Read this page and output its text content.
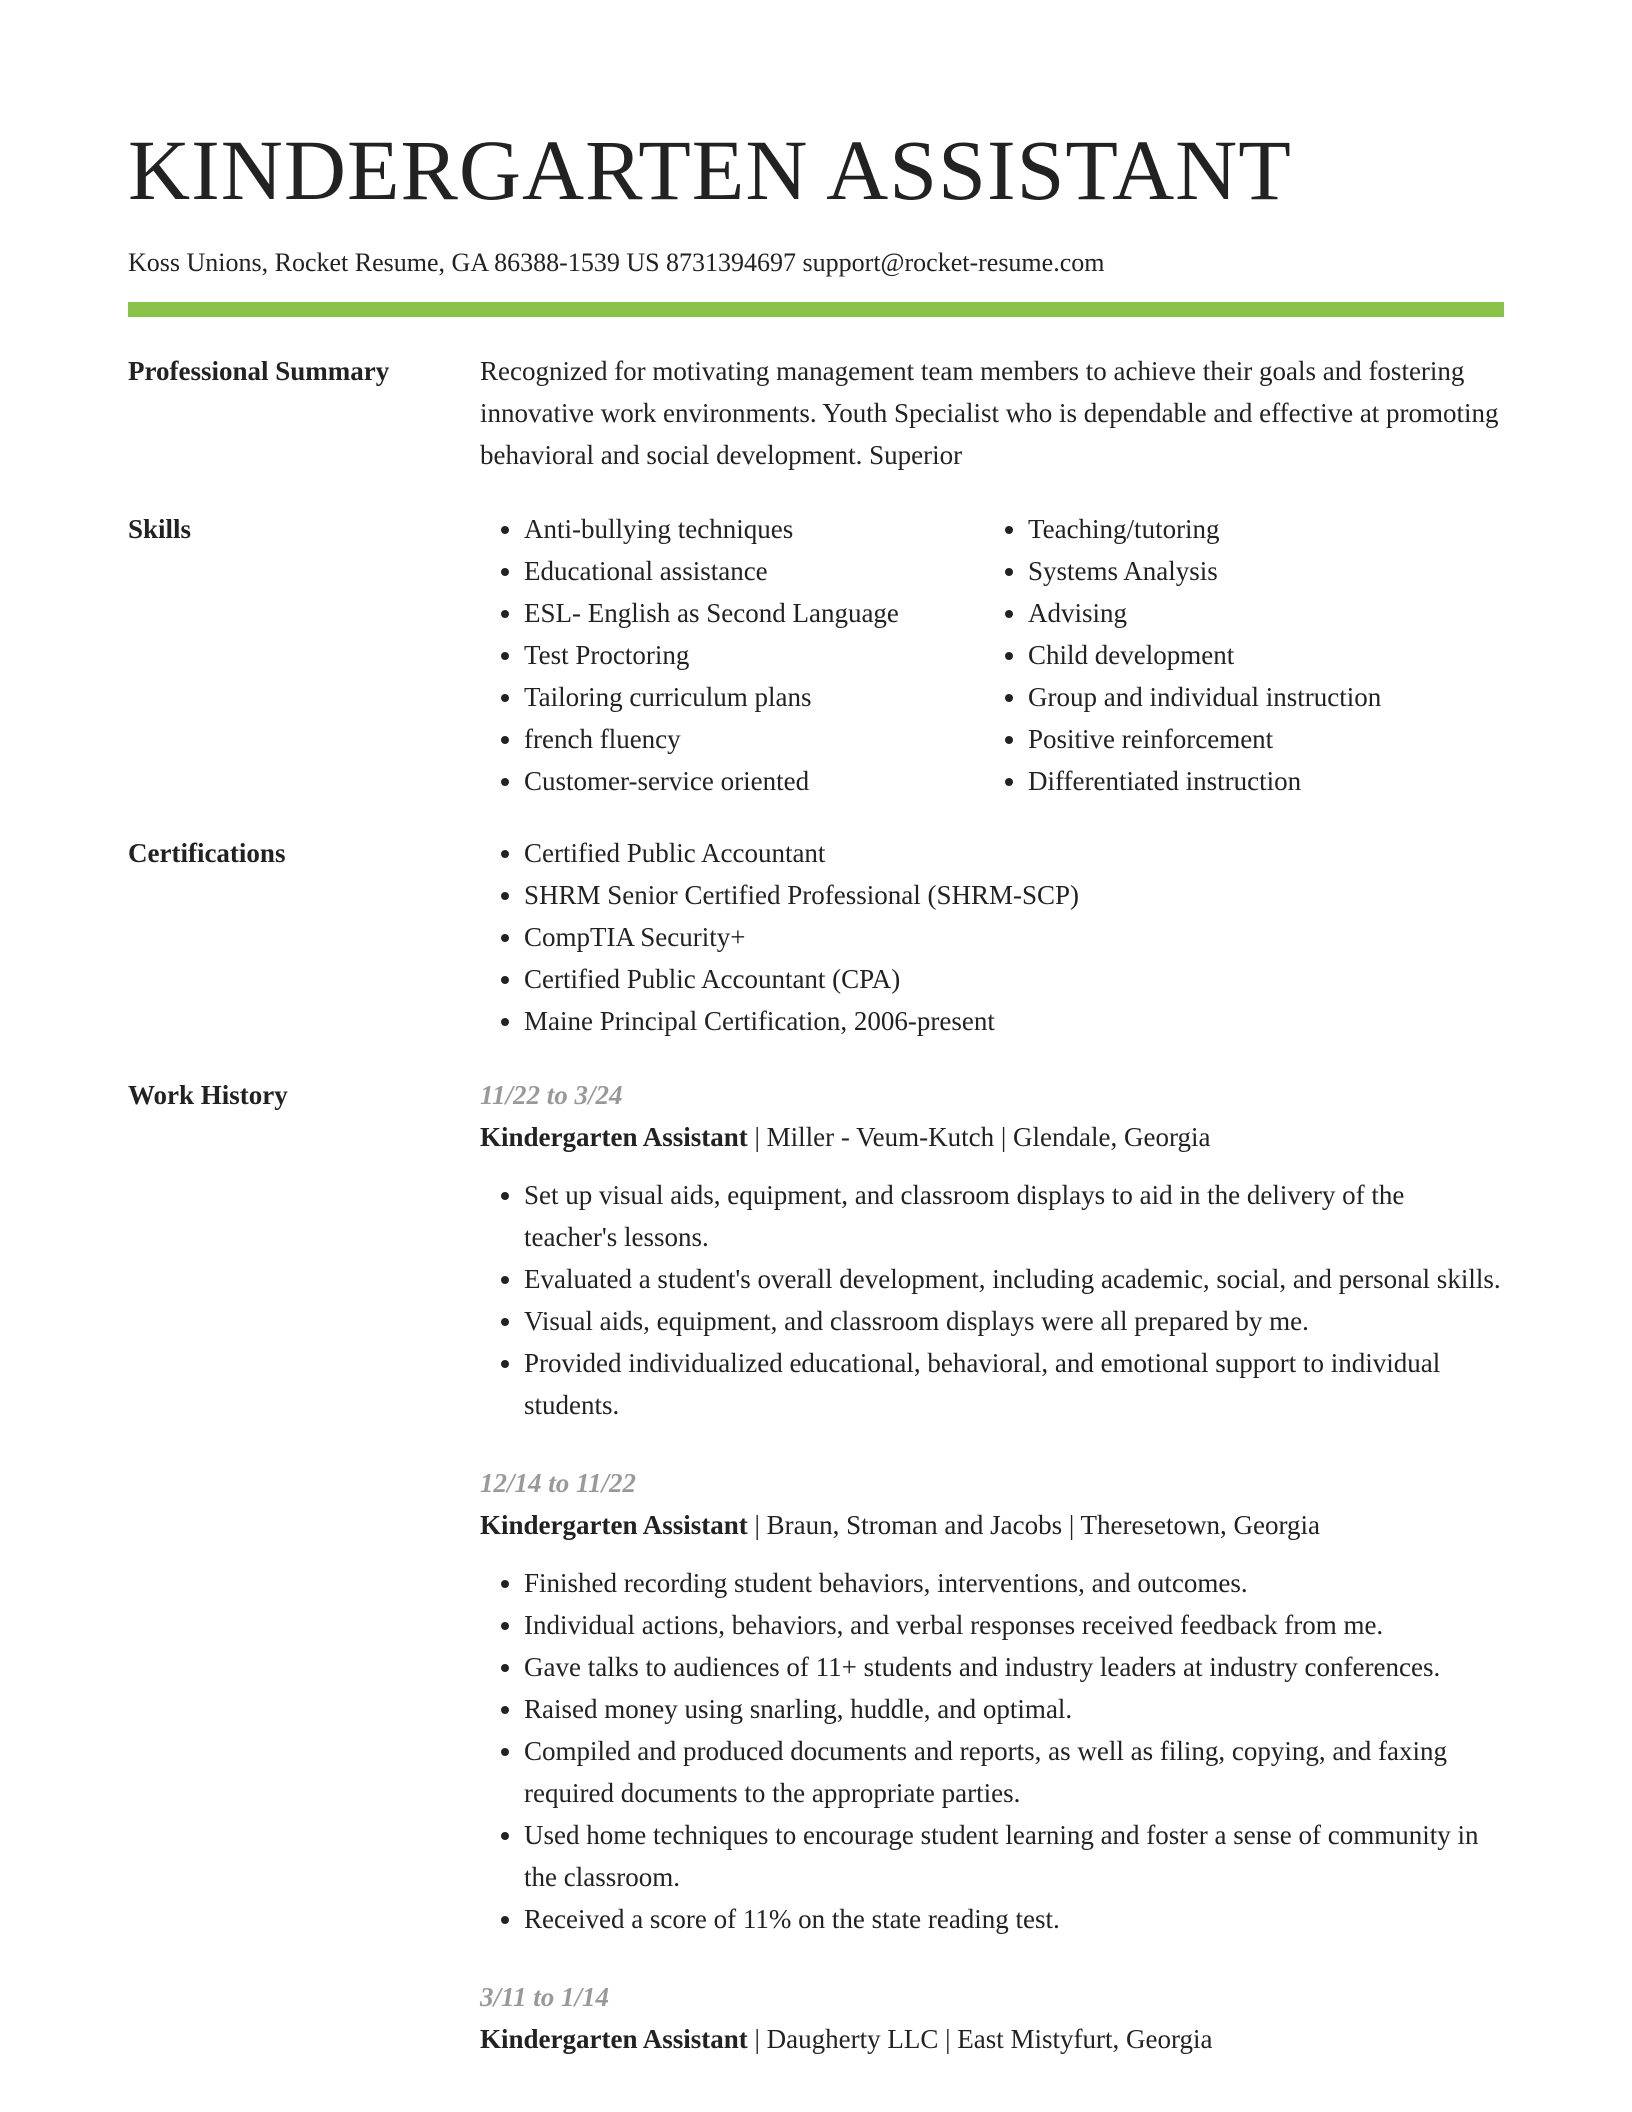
KINDERGARTEN ASSISTANT
Koss Unions, Rocket Resume, GA 86388-1539 US 8731394697 support@rocket-resume.com
Professional Summary	Recognized for motivating management team members to achieve their goals and fostering innovative work environments. Youth Specialist who is dependable and effective at promoting behavioral and social development. Superior

Skills	• Anti-bullying techniques
• Educational assistance
• ESL- English as Second Language
• Test Proctoring
• Tailoring curriculum plans
• french fluency
• Customer-service oriented
• Teaching/tutoring
• Systems Analysis
• Advising
• Child development
• Group and individual instruction
• Positive reinforcement
• Differentiated instruction
Certifications	• Certified Public Accountant
• SHRM Senior Certified Professional (SHRM-SCP)
• CompTIA Security+
• Certified Public Accountant (CPA)
• Maine Principal Certification, 2006-present
Work History	11/22 to 3/24
Kindergarten Assistant | Miller - Veum-Kutch | Glendale, Georgia
• Set up visual aids, equipment, and classroom displays to aid in the delivery of the teacher's lessons.
• Evaluated a student's overall development, including academic, social, and personal skills.
• Visual aids, equipment, and classroom displays were all prepared by me.
• Provided individualized educational, behavioral, and emotional support to individual students.
12/14 to 11/22
Kindergarten Assistant | Braun, Stroman and Jacobs | Theresetown, Georgia
• Finished recording student behaviors, interventions, and outcomes.
• Individual actions, behaviors, and verbal responses received feedback from me.
• Gave talks to audiences of 11+ students and industry leaders at industry conferences.
• Raised money using snarling, huddle, and optimal.
• Compiled and produced documents and reports, as well as filing, copying, and faxing required documents to the appropriate parties.
• Used home techniques to encourage student learning and foster a sense of community in the classroom.
• Received a score of 11% on the state reading test.
3/11 to 1/14
Kindergarten Assistant | Daugherty LLC | East Mistyfurt, Georgia
